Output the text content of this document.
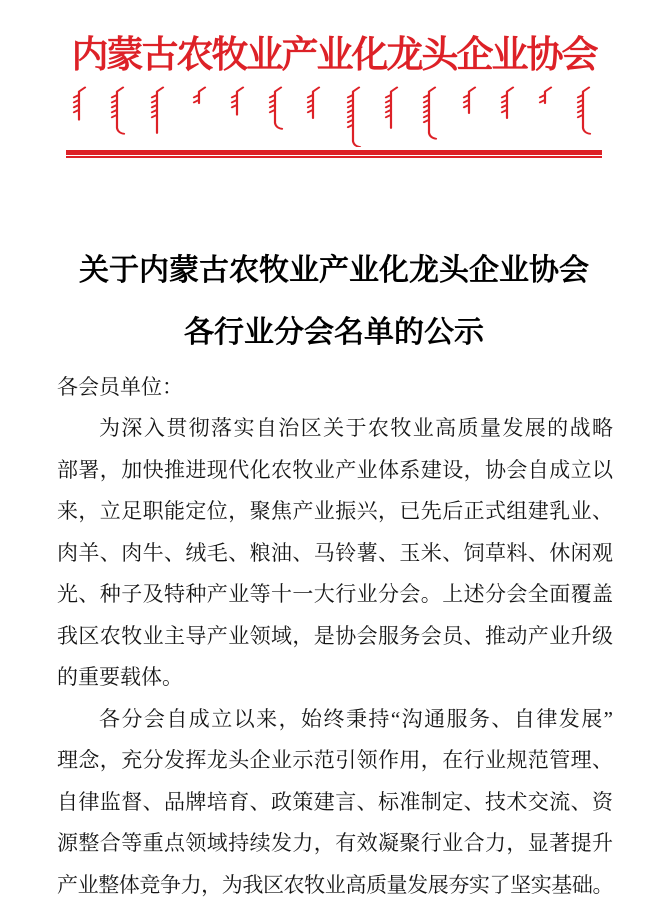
内蒙古农牧业产业化龙头企业协会
关于内蒙古农牧业产业化龙头企业协会
各行业分会名单的公示
各会员单位：
为深入贯彻落实自治区关于农牧业高质量发展的战略
部署，加快推进现代化农牧业产业体系建设，协会自成立以
来，立足职能定位，聚焦产业振兴，已先后正式组建乳业、
肉羊、肉牛、绒毛、粮油、马铃薯、玉米、饲草料、休闲观
光、种子及特种产业等十一大行业分会。上述分会全面覆盖
我区农牧业主导产业领域，是协会服务会员、推动产业升级
的重要载体。
各分会自成立以来，始终秉持“沟通服务、自律发展”
理念，充分发挥龙头企业示范引领作用，在行业规范管理、
自律监督、品牌培育、政策建言、标准制定、技术交流、资
源整合等重点领域持续发力，有效凝聚行业合力，显著提升
产业整体竞争力，为我区农牧业高质量发展夯实了坚实基础。
